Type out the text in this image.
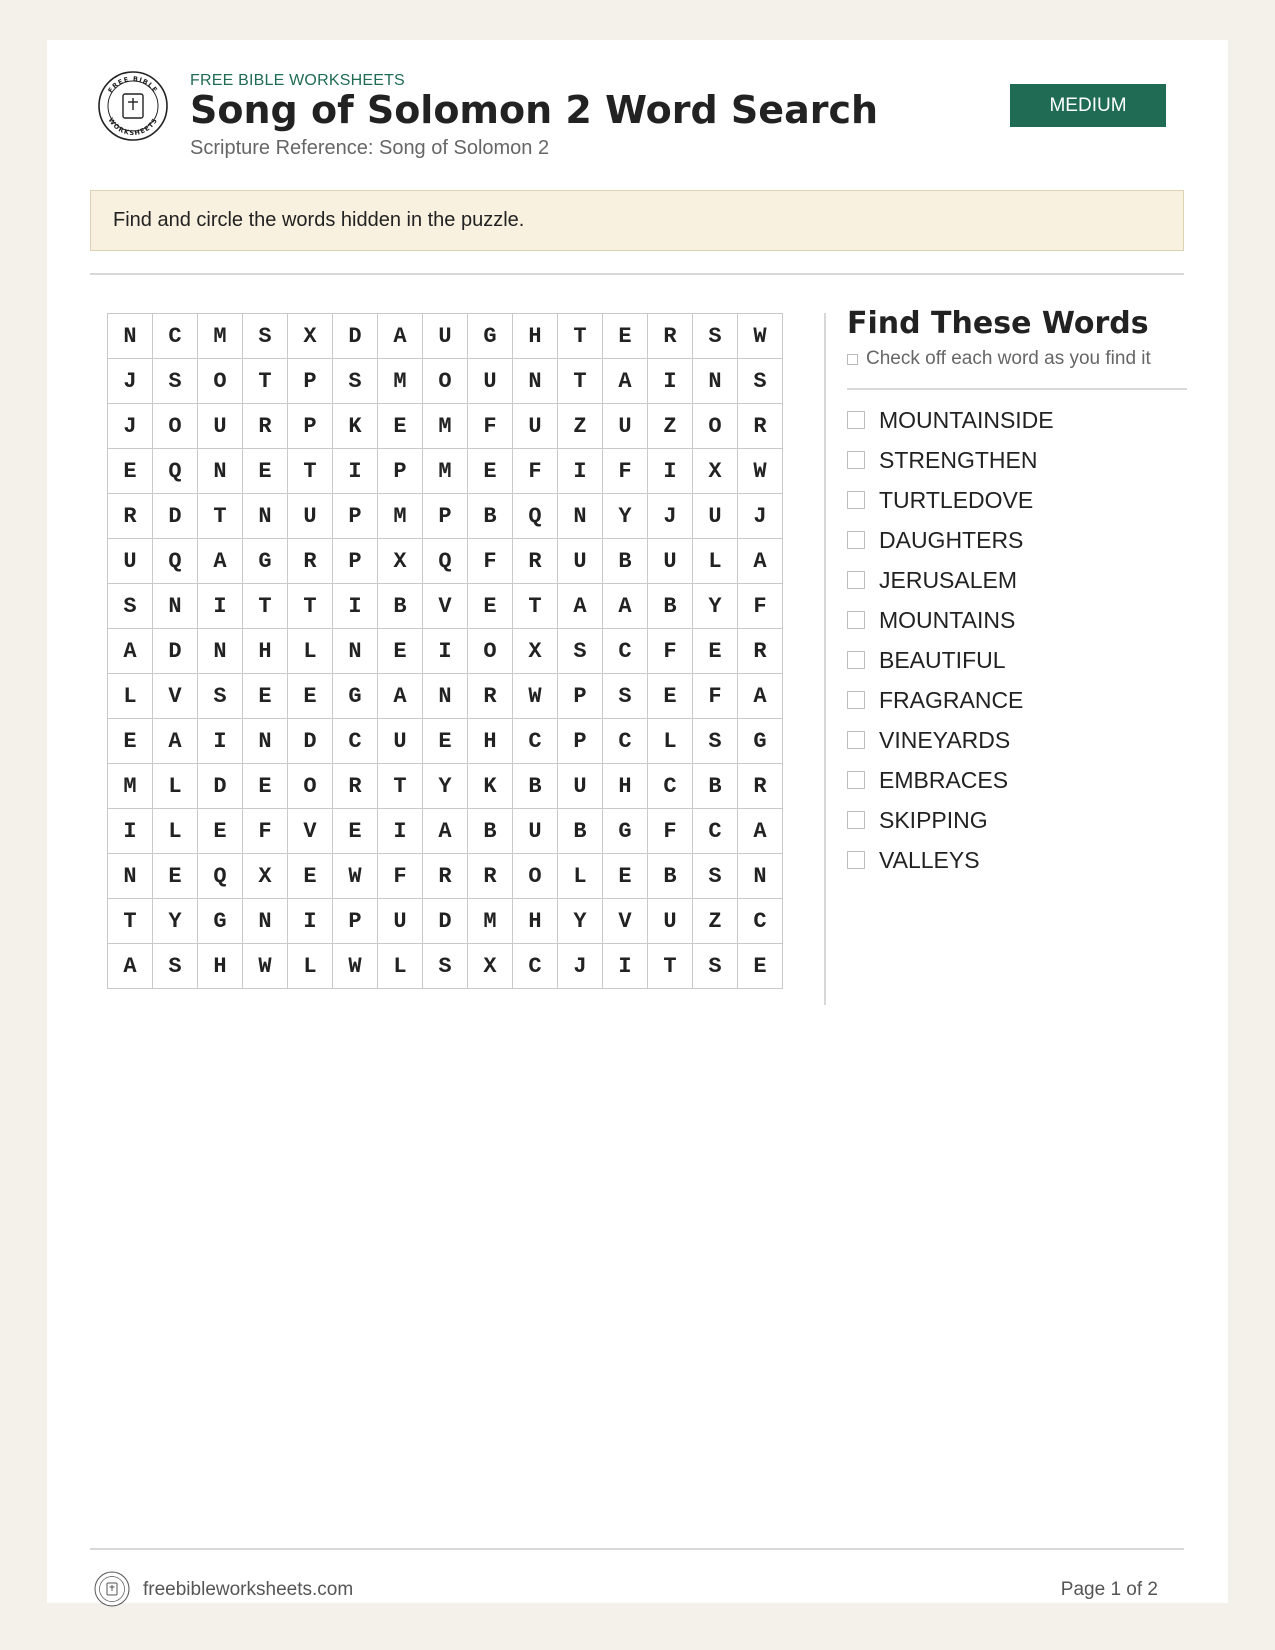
FREE BIBLE
WORKSHEETS
FREE BIBLE WORKSHEETS
Song of Solomon 2 Word Search
Scripture Reference: Song of Solomon 2
MEDIUM
Find and circle the words hidden in the puzzle.
N	C	M	S	X	D	A	U	G	H	T	E	R	S	W
J	S	O	T	P	S	M	O	U	N	T	A	I	N	S
J	O	U	R	P	K	E	M	F	U	Z	U	Z	O	R
E	Q	N	E	T	I	P	M	E	F	I	F	I	X	W
R	D	T	N	U	P	M	P	B	Q	N	Y	J	U	J
U	Q	A	G	R	P	X	Q	F	R	U	B	U	L	A
S	N	I	T	T	I	B	V	E	T	A	A	B	Y	F
A	D	N	H	L	N	E	I	O	X	S	C	F	E	R
L	V	S	E	E	G	A	N	R	W	P	S	E	F	A
E	A	I	N	D	C	U	E	H	C	P	C	L	S	G
M	L	D	E	O	R	T	Y	K	B	U	H	C	B	R
I	L	E	F	V	E	I	A	B	U	B	G	F	C	A
N	E	Q	X	E	W	F	R	R	O	L	E	B	S	N
T	Y	G	N	I	P	U	D	M	H	Y	V	U	Z	C
A	S	H	W	L	W	L	S	X	C	J	I	T	S	E
Find These Words
Check off each word as you find it
MOUNTAINSIDE
STRENGTHEN
TURTLEDOVE
DAUGHTERS
JERUSALEM
MOUNTAINS
BEAUTIFUL
FRAGRANCE
VINEYARDS
EMBRACES
SKIPPING
VALLEYS
freebibleworksheets.com	Page 1 of 2
